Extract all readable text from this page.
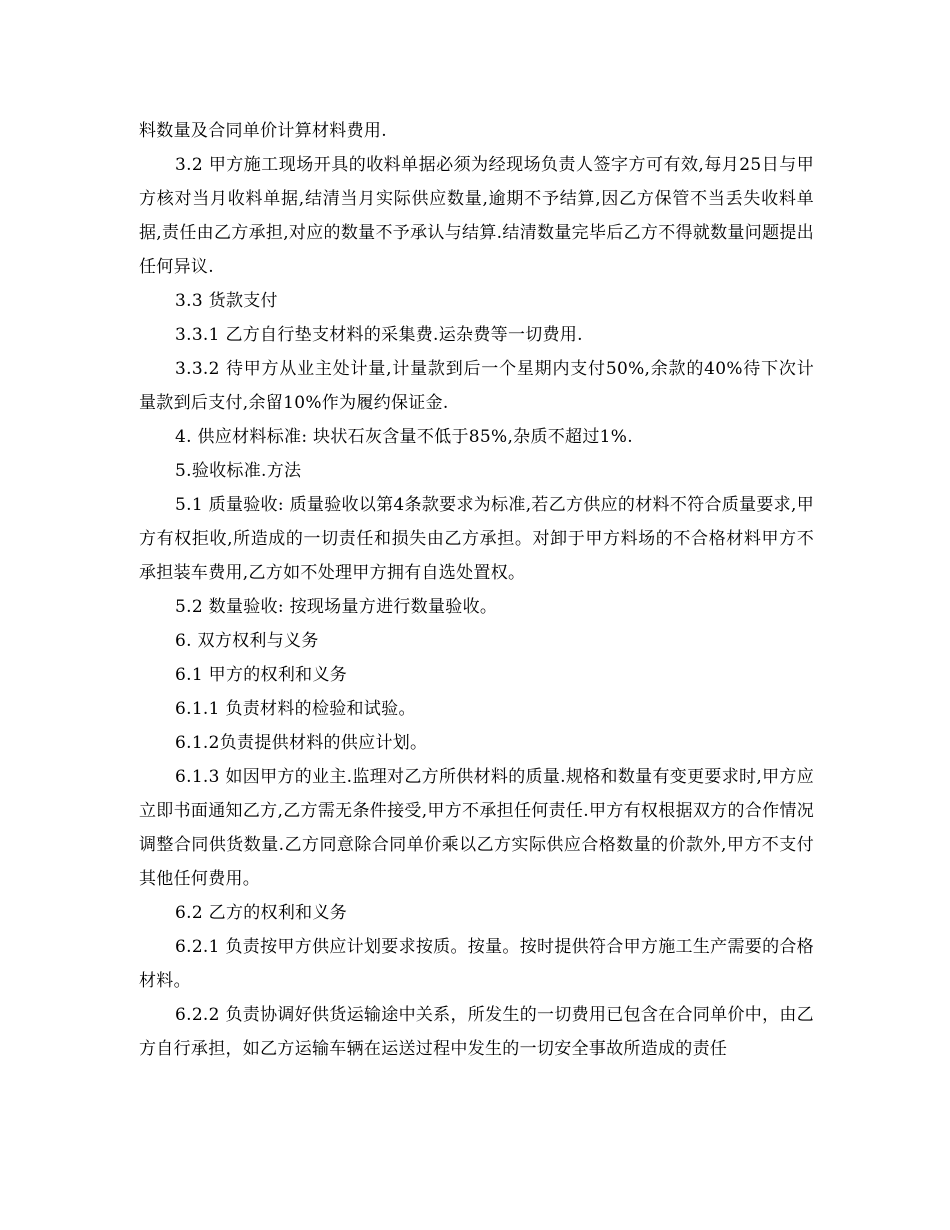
料数量及合同单价计算材料费用.

3.2 甲方施工现场开具的收料单据必须为经现场负责人签字方可有效,每月25日与甲方核对当月收料单据,结清当月实际供应数量,逾期不予结算,因乙方保管不当丢失收料单据,责任由乙方承担,对应的数量不予承认与结算.结清数量完毕后乙方不得就数量问题提出任何异议.

3.3 货款支付

3.3.1 乙方自行垫支材料的采集费.运杂费等一切费用.

3.3.2 待甲方从业主处计量,计量款到后一个星期内支付50%,余款的40%待下次计量款到后支付,余留10%作为履约保证金.

4. 供应材料标准: 块状石灰含量不低于85%,杂质不超过1%.

5.验收标准.方法

5.1 质量验收: 质量验收以第4条款要求为标准,若乙方供应的材料不符合质量要求,甲方有权拒收,所造成的一切责任和损失由乙方承担。对卸于甲方料场的不合格材料甲方不承担装车费用,乙方如不处理甲方拥有自选处置权。

5.2 数量验收: 按现场量方进行数量验收。

6. 双方权利与义务

6.1 甲方的权利和义务

6.1.1 负责材料的检验和试验。

6.1.2负责提供材料的供应计划。

6.1.3 如因甲方的业主.监理对乙方所供材料的质量.规格和数量有变更要求时,甲方应立即书面通知乙方,乙方需无条件接受,甲方不承担任何责任.甲方有权根据双方的合作情况调整合同供货数量.乙方同意除合同单价乘以乙方实际供应合格数量的价款外,甲方不支付其他任何费用。

6.2 乙方的权利和义务

6.2.1 负责按甲方供应计划要求按质。按量。按时提供符合甲方施工生产需要的合格材料。

6.2.2 负责协调好供货运输途中关系，所发生的一切费用已包含在合同单价中，由乙方自行承担，如乙方运输车辆在运送过程中发生的一切安全事故所造成的责任
